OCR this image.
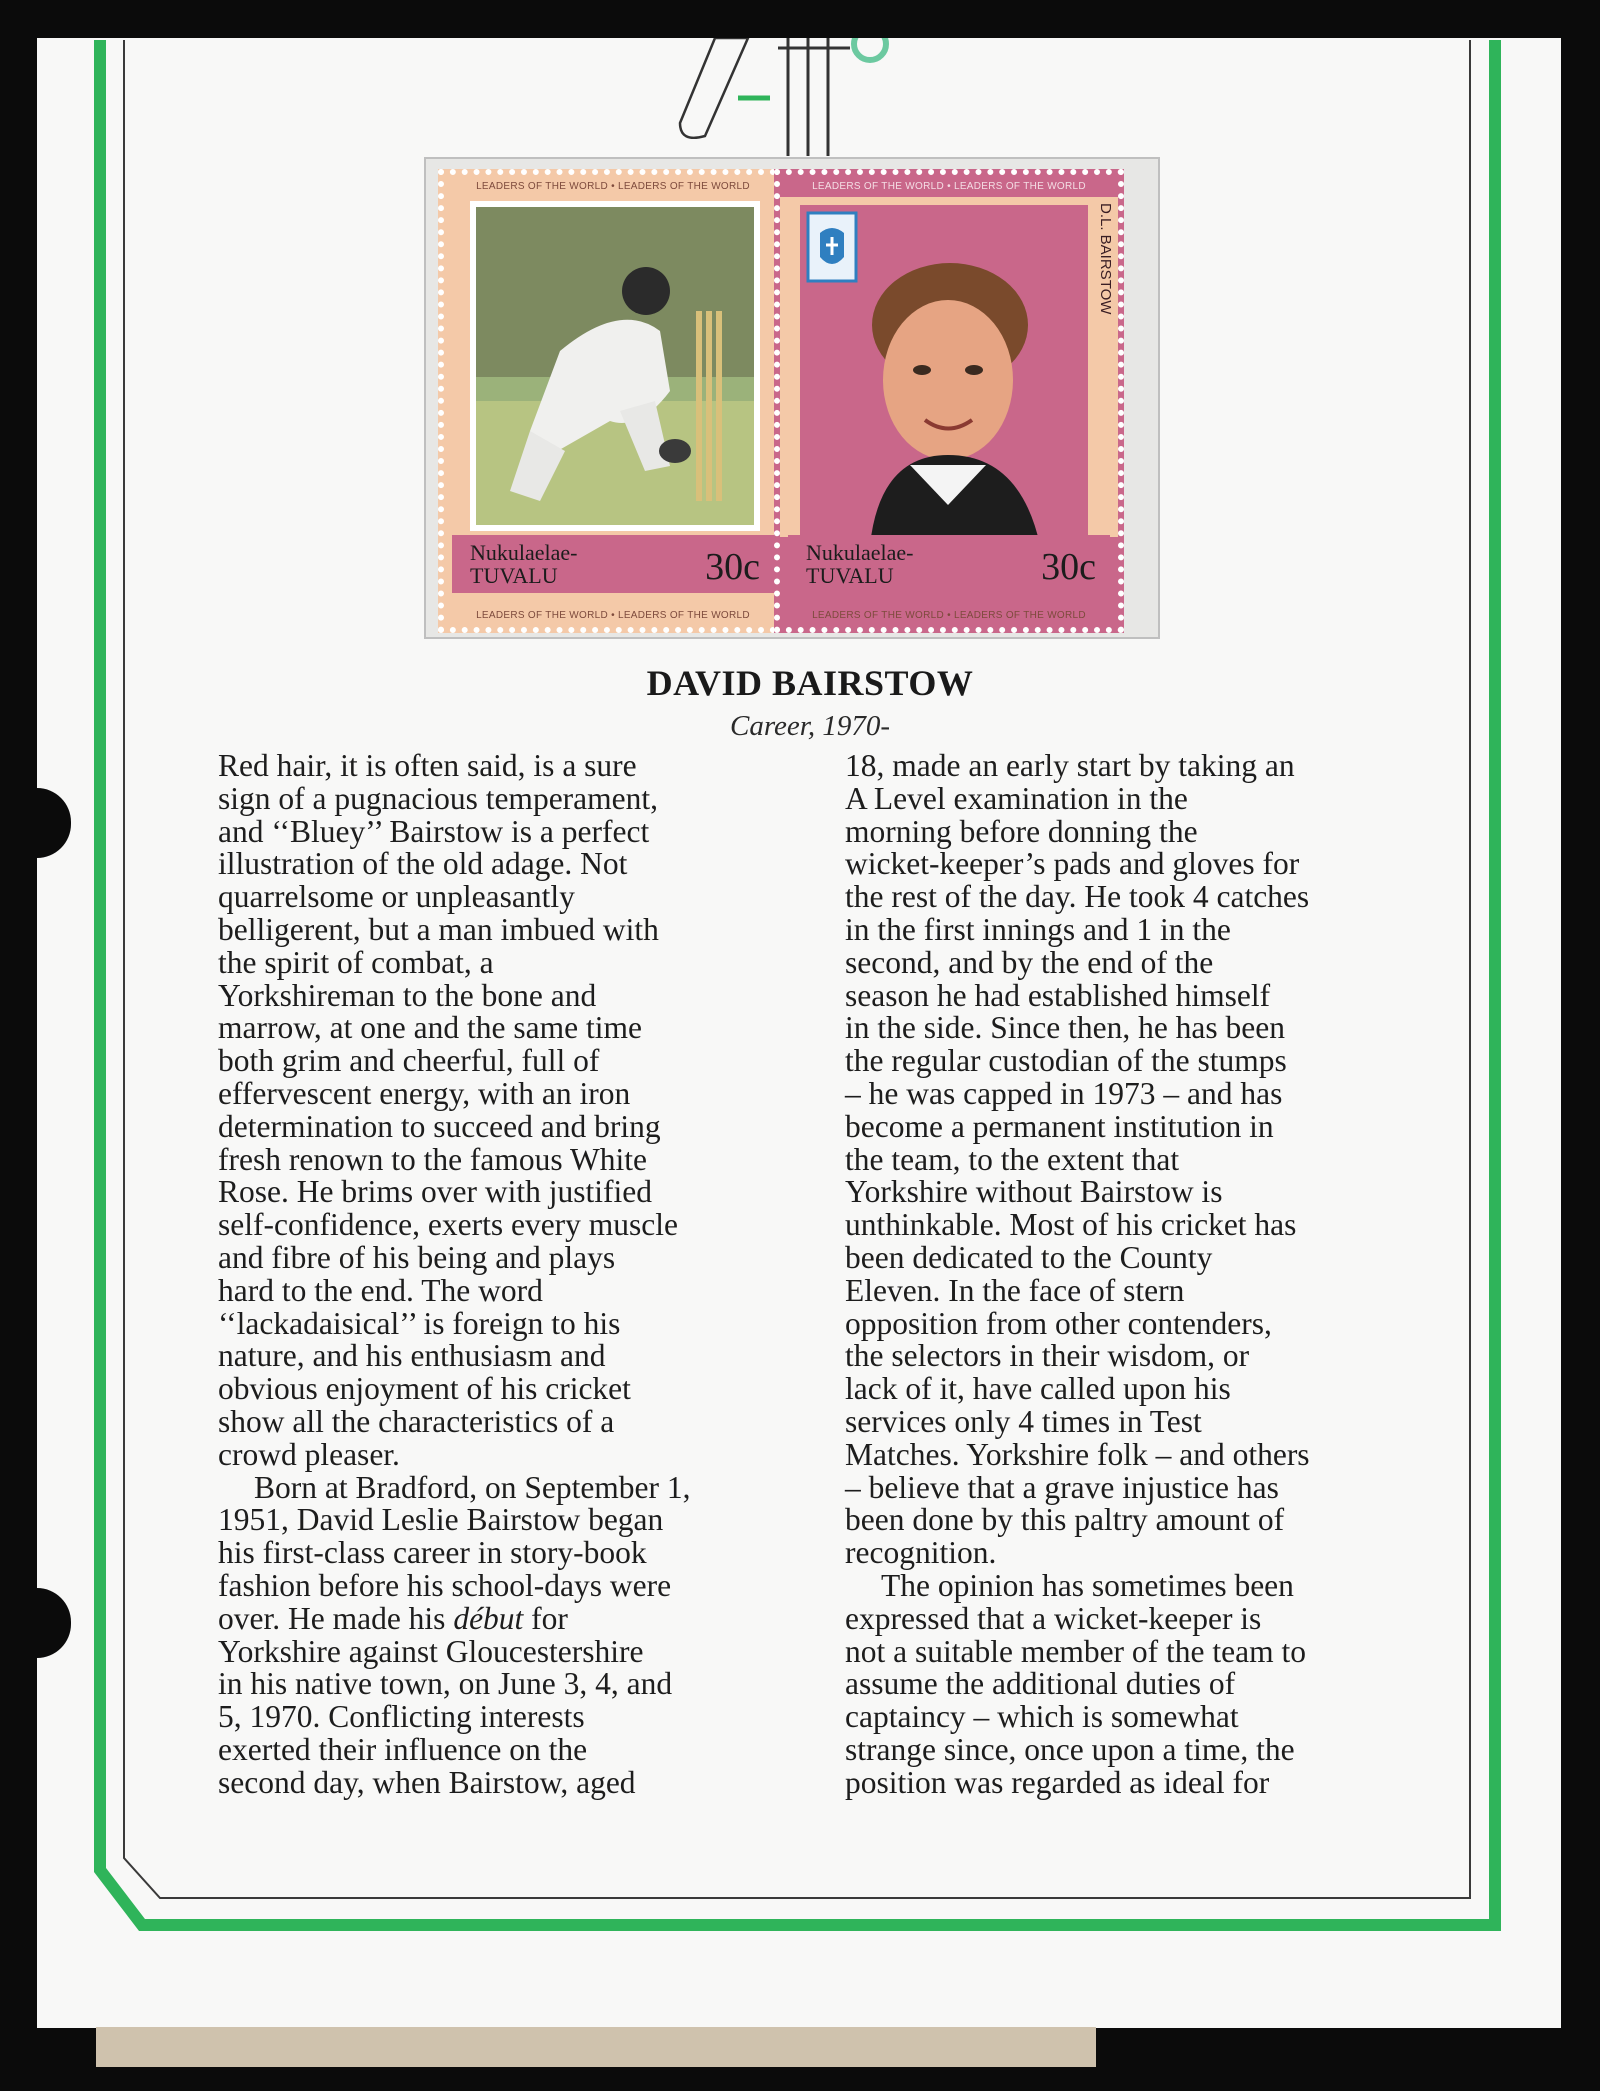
LEADERS OF THE WORLD • LEADERS OF THE WORLD
Nukulaelae-
TUVALU	30c
LEADERS OF THE WORLD • LEADERS OF THE WORLD
LEADERS OF THE WORLD • LEADERS OF THE WORLD
D.L. BAIRSTOW
Nukulaelae-
TUVALU	30c
LEADERS OF THE WORLD • LEADERS OF THE WORLD
DAVID BAIRSTOW
Career, 1970-
Red hair, it is often said, is a sure
sign of a pugnacious temperament,
and ‘‘Bluey’’ Bairstow is a perfect
illustration of the old adage. Not
quarrelsome or unpleasantly
belligerent, but a man imbued with
the spirit of combat, a
Yorkshireman to the bone and
marrow, at one and the same time
both grim and cheerful, full of
effervescent energy, with an iron
determination to succeed and bring
fresh renown to the famous White
Rose. He brims over with justified
self-confidence, exerts every muscle
and fibre of his being and plays
hard to the end. The word
‘‘lackadaisical’’ is foreign to his
nature, and his enthusiasm and
obvious enjoyment of his cricket
show all the characteristics of a
crowd pleaser.
Born at Bradford, on September 1,
1951, David Leslie Bairstow began
his first-class career in story-book
fashion before his school-days were
over. He made his début for
Yorkshire against Gloucestershire
in his native town, on June 3, 4, and
5, 1970. Conflicting interests
exerted their influence on the
second day, when Bairstow, aged
18, made an early start by taking an
A Level examination in the
morning before donning the
wicket-keeper’s pads and gloves for
the rest of the day. He took 4 catches
in the first innings and 1 in the
second, and by the end of the
season he had established himself
in the side. Since then, he has been
the regular custodian of the stumps
– he was capped in 1973 – and has
become a permanent institution in
the team, to the extent that
Yorkshire without Bairstow is
unthinkable. Most of his cricket has
been dedicated to the County
Eleven. In the face of stern
opposition from other contenders,
the selectors in their wisdom, or
lack of it, have called upon his
services only 4 times in Test
Matches. Yorkshire folk – and others
– believe that a grave injustice has
been done by this paltry amount of
recognition.
The opinion has sometimes been
expressed that a wicket-keeper is
not a suitable member of the team to
assume the additional duties of
captaincy – which is somewhat
strange since, once upon a time, the
position was regarded as ideal for
